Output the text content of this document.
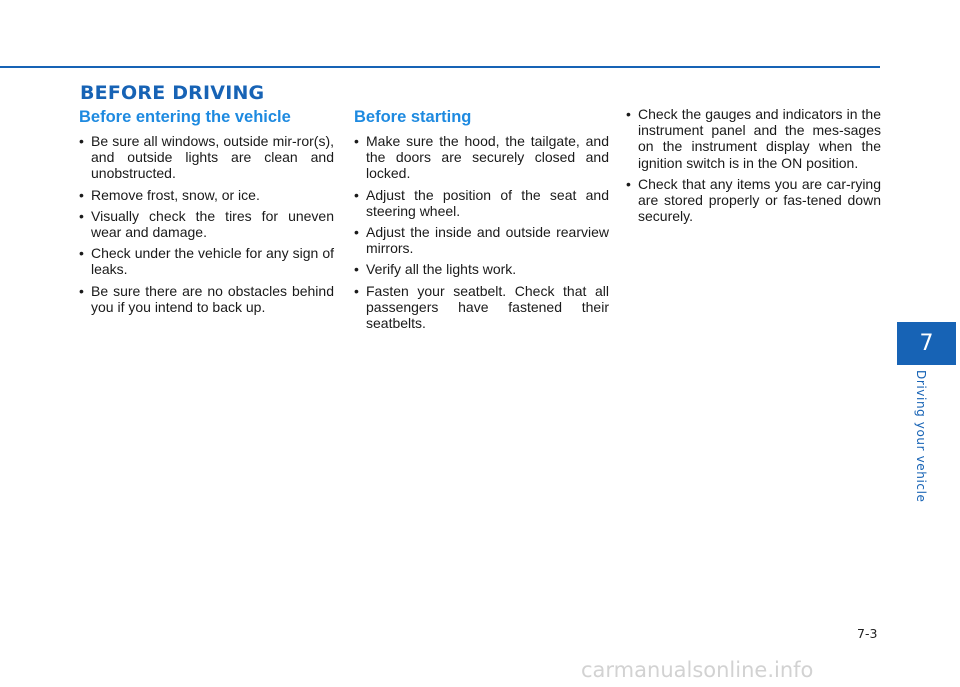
BEFORE DRIVING
Before entering the vehicle
• Be sure all windows, outside mir-ror(s), and outside lights are clean and unobstructed.
• Remove frost, snow, or ice.
• Visually check the tires for uneven wear and damage.
• Check under the vehicle for any sign of leaks.
• Be sure there are no obstacles behind you if you intend to back up.
Before starting
• Make sure the hood, the tailgate, and the doors are securely closed and locked.
• Adjust the position of the seat and steering wheel.
• Adjust the inside and outside rearview mirrors.
• Verify all the lights work.
• Fasten your seatbelt. Check that all passengers have fastened their seatbelts.
• Check the gauges and indicators in the instrument panel and the mes-sages on the instrument display when the ignition switch is in the ON position.
• Check that any items you are car-rying are stored properly or fas-tened down securely.
7
Driving your vehicle
7-3
carmanualsonline.info
